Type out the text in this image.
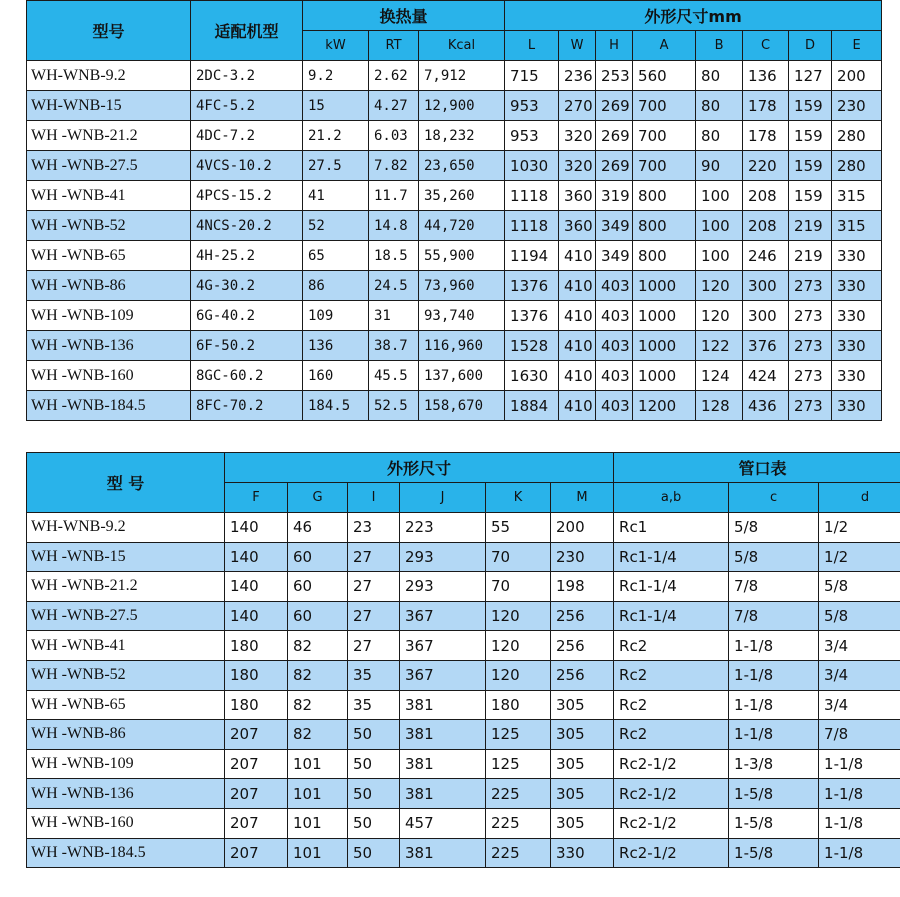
型号	适配机型	换热量			外形尺寸mm							
		kW	RT	Kcal	L	W	H	A	B	C	D	E
WH-WNB-9.2	2DC-3.2	9.2	2.62	7,912	715	236	253	560	80	136	127	200
WH-WNB-15	4FC-5.2	15	4.27	12,900	953	270	269	700	80	178	159	230
WH -WNB-21.2	4DC-7.2	21.2	6.03	18,232	953	320	269	700	80	178	159	280
WH -WNB-27.5	4VCS-10.2	27.5	7.82	23,650	1030	320	269	700	90	220	159	280
WH -WNB-41	4PCS-15.2	41	11.7	35,260	1118	360	319	800	100	208	159	315
WH -WNB-52	4NCS-20.2	52	14.8	44,720	1118	360	349	800	100	208	219	315
WH -WNB-65	4H-25.2	65	18.5	55,900	1194	410	349	800	100	246	219	330
WH -WNB-86	4G-30.2	86	24.5	73,960	1376	410	403	1000	120	300	273	330
WH -WNB-109	6G-40.2	109	31	93,740	1376	410	403	1000	120	300	273	330
WH -WNB-136	6F-50.2	136	38.7	116,960	1528	410	403	1000	122	376	273	330
WH -WNB-160	8GC-60.2	160	45.5	137,600	1630	410	403	1000	124	424	273	330
WH -WNB-184.5	8FC-70.2	184.5	52.5	158,670	1884	410	403	1200	128	436	273	330
型 号	外形尺寸						管口表		
	F	G	I	J	K	M	a,b	c	d
WH-WNB-9.2	140	46	23	223	55	200	Rc1	5/8	1/2
WH -WNB-15	140	60	27	293	70	230	Rc1-1/4	5/8	1/2
WH -WNB-21.2	140	60	27	293	70	198	Rc1-1/4	7/8	5/8
WH -WNB-27.5	140	60	27	367	120	256	Rc1-1/4	7/8	5/8
WH -WNB-41	180	82	27	367	120	256	Rc2	1-1/8	3/4
WH -WNB-52	180	82	35	367	120	256	Rc2	1-1/8	3/4
WH -WNB-65	180	82	35	381	180	305	Rc2	1-1/8	3/4
WH -WNB-86	207	82	50	381	125	305	Rc2	1-1/8	7/8
WH -WNB-109	207	101	50	381	125	305	Rc2-1/2	1-3/8	1-1/8
WH -WNB-136	207	101	50	381	225	305	Rc2-1/2	1-5/8	1-1/8
WH -WNB-160	207	101	50	457	225	305	Rc2-1/2	1-5/8	1-1/8
WH -WNB-184.5	207	101	50	381	225	330	Rc2-1/2	1-5/8	1-1/8
